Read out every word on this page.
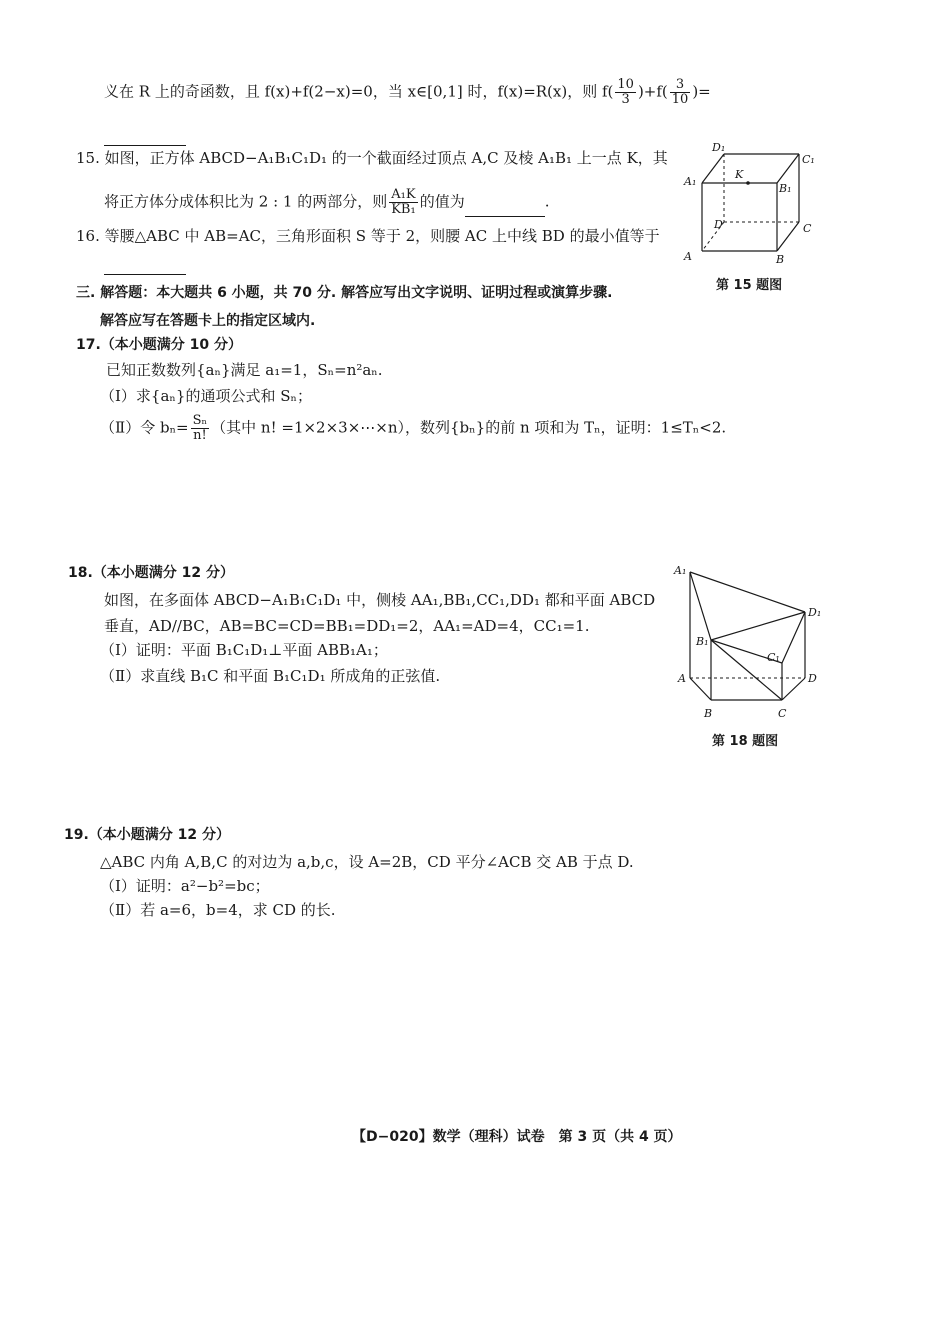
义在 R 上的奇函数，且 f(x)+f(2−x)=0，当 x∈[0,1] 时，f(x)=R(x)，则 $f( \frac{10}{3} )+f( \frac{3}{10}$ )=
15. 如图，正方体 ABCD−A₁B₁C₁D₁ 的一个截面经过顶点 A,C 及棱 A₁B₁ 上一点 K，其
将正方体分成体积比为 2 : 1 的两部分，则 $\frac{\text{A₁K}}{\text{KB₁}}$ 的值为	.
16. 等腰△ABC 中 AB=AC，三角形面积 S 等于 2，则腰 AC 上中线 BD 的最小值等于
三. 解答题：本大题共 6 小题，共 70 分. 解答应写出文字说明、证明过程或演算步骤.
解答应写在答题卡上的指定区域内.
17.（本小题满分 10 分）
已知正数数列{aₙ}满足 a₁=1，Sₙ=n²aₙ.
（Ⅰ）求{aₙ}的通项公式和 Sₙ；
（Ⅱ）令 $b_n= \frac{\text{Sₙ}}{n!}$ （其中 n! =1×2×3×⋯×n），数列{bₙ}的前 n 项和为 Tₙ，证明：1≤Tₙ<2.
D₁
C₁
A₁
K
B₁
D	C
A	B
第 15 题图
18.（本小题满分 12 分）
如图，在多面体 ABCD−A₁B₁C₁D₁ 中，侧棱 AA₁,BB₁,CC₁,DD₁ 都和平面 ABCD
垂直，AD//BC，AB=BC=CD=BB₁=DD₁=2，AA₁=AD=4，CC₁=1.
（Ⅰ）证明：平面 B₁C₁D₁⊥平面 ABB₁A₁；
（Ⅱ）求直线 B₁C 和平面 B₁C₁D₁ 所成角的正弦值.
A₁
D₁
B₁
C₁
A	D
B	C
第 18 题图
19.（本小题满分 12 分）
△ABC 内角 A,B,C 的对边为 a,b,c，设 A=2B，CD 平分∠ACB 交 AB 于点 D.
（Ⅰ）证明：a²−b²=bc；
（Ⅱ）若 a=6，b=4，求 CD 的长.
【D−020】数学（理科）试卷　第 3 页（共 4 页）
